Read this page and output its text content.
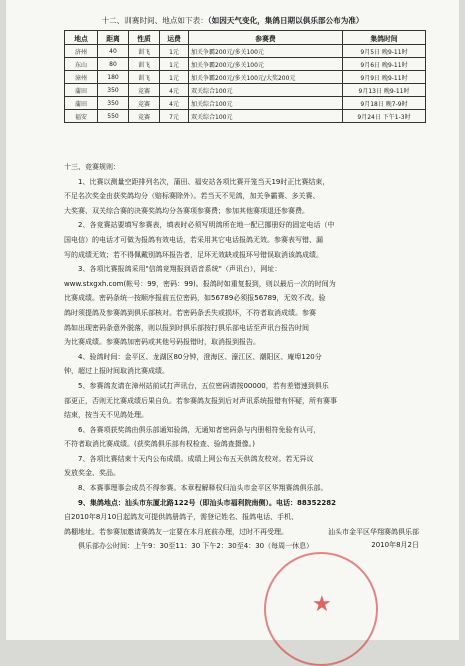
十二、训赛时间、地点如下表：（如因天气变化，集鸽日期以俱乐部公布为准）
地点	距离	性质	运费	参赛费	集鸽时间
济州	40	训飞	1元	加关争霸200元/多关100元	9月5日 晚9-11时
东山	80	训飞	1元	加关争霸200元/多关100元	9月6日 晚9-11时
漳州	180	训飞	1元	加关争霸200元/多关100元/大奖200元	9月9日 晚9-11时
蒲田	350	竞赛	4元	双关综合100元	9月13日 晚9-11时
蒲田	350	竞赛	4元	加关综合100元	9月18日 晚7-9时
福安	550	竞赛	7元	双关综合100元	9月24日 下午1-3时

十三、竞赛规则：

1、比赛以测量空距排列名次，蒲田、福安站各项比赛开笼当天19时正比赛结束，

不足名次奖金由获奖鸽均分（赔标赛除外）。若当天不见鸽，加关争霸赛、多关赛、

大奖赛、双关综合赛的决赛奖鸽均分各赛项参赛费；参加其他赛项退还参赛费。

2、各竞赛站要填写参赛表，填表时必须写明鸽所在地一配已挪册好的固定电话（中

国电信）的电话才可做为报鸽有效电话，若采用其它电话报鸽无效。参赛表写错、漏

写的成绩无效；若不得佩戴别鸽环报告者，足环无效缺或报环号错误取消该鸽成绩。

3、各项比赛报鸽采用"信鸽竞翔报到语音系统"（声讯台），网址：

www.stxgxh.com(帐号：99，密码：99)。报鸽时如重复报到，则以最后一次的时间为

比赛成绩。密码条统一按顺序报前五位密码，如56789必须报56789，无效不改。验

鸽时须提鸽及参赛鸽到俱乐部核对。若密码条丢失或损坏，不符者取消成绩。参赛

鸽如出现密码条意外脱落，则以报到时俱乐部按打俱乐部电话至声讯台报告时间

为比赛成绩。参赛鸽加密码或其他号码报错时，取消报到报告。

4、验鸽时间：金平区、龙湖区80分钟，澄海区、濠江区、潮阳区、庵埠120分

钟，超过上报时间取消比赛成绩。

5、参赛鸽友请在漳州站前试打声讯台，五位密码请按00000，若有差错速到俱乐

部更正，否则无比赛成绩后果自负。若参赛鸽友报到后对声讯系统报错有怀疑，所有赛事

结束，按当天不见鸽处理。

6、各赛项获奖鸽由俱乐部通知验鸽，无通知者密码条与内册相符免验有认可，

不符者取消比赛成绩。(获奖鸽俱乐部有权检查、验鸽查摄像。)

7、各项比赛结束十天内公布成绩。成绩上网公布五天供鸽友校对。若无异议

发放奖金、奖品。

8、本赛事理事会成员不得参赛。本章程解释权归汕头市金平区华翔赛鸽俱乐部。

9、集鸽地点：汕头市东厦北路122号（即汕头市福利院南侧）。电话：88352282

自2010年8月10日起鸽友可提供鸽册鸽子，需登记姓名、报鸽电话、手机、

鸽棚地址。若参赛加邀请赛鸽友一定要在本月底前办理，过时不再受理。

俱乐部办公时间：上午9：30至11：30 下午2：30至4：30（每周一休息）

★
汕头市金平区华翔赛鸽俱乐部
2010年8月2日
